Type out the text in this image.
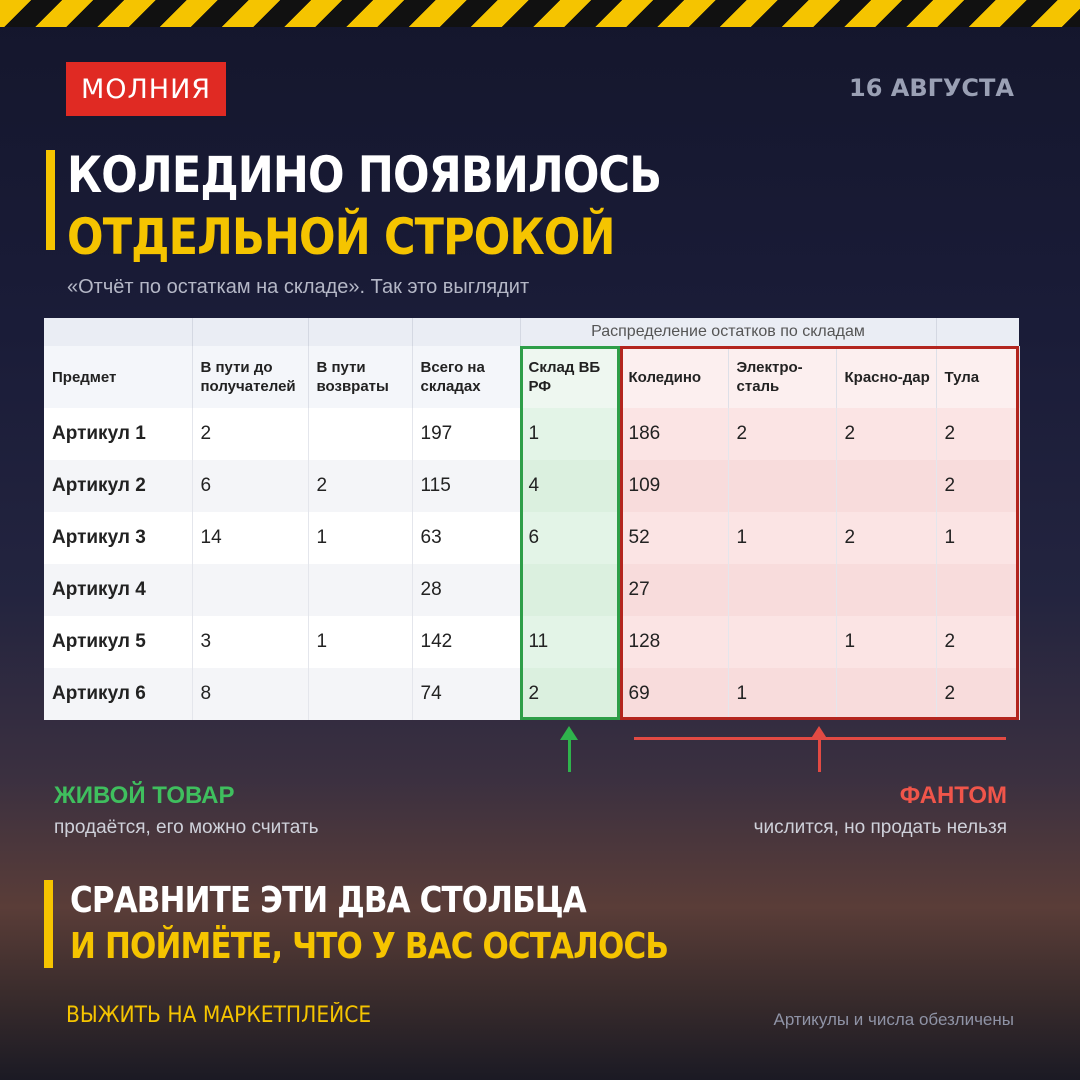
МОЛНИЯ	16 АВГУСТА
КОЛЕДИНО ПОЯВИЛОСЬ
ОТДЕЛЬНОЙ СТРОКОЙ
«Отчёт по остаткам на складе». Так это выглядит
				Распределение остатков по складам				
Предмет	В пути до получателей	В пути возвраты	Всего на складах	Склад ВБ РФ	Коледино	Электро-сталь	Красно-дар	Тула
Артикул 1	2		197	1	186	2	2	2
Артикул 2	6	2	115	4	109			2
Артикул 3	14	1	63	6	52	1	2	1
Артикул 4			28		27			
Артикул 5	3	1	142	11	128		1	2
Артикул 6	8		74	2	69	1		2
ЖИВОЙ ТОВАР
продаётся, его можно считать
ФАНТОМ
числится, но продать нельзя
СРАВНИТЕ ЭТИ ДВА СТОЛБЦА
И ПОЙМЁТЕ, ЧТО У ВАС ОСТАЛОСЬ
ВЫЖИТЬ НА МАРКЕТПЛЕЙСЕ	Артикулы и числа обезличены
